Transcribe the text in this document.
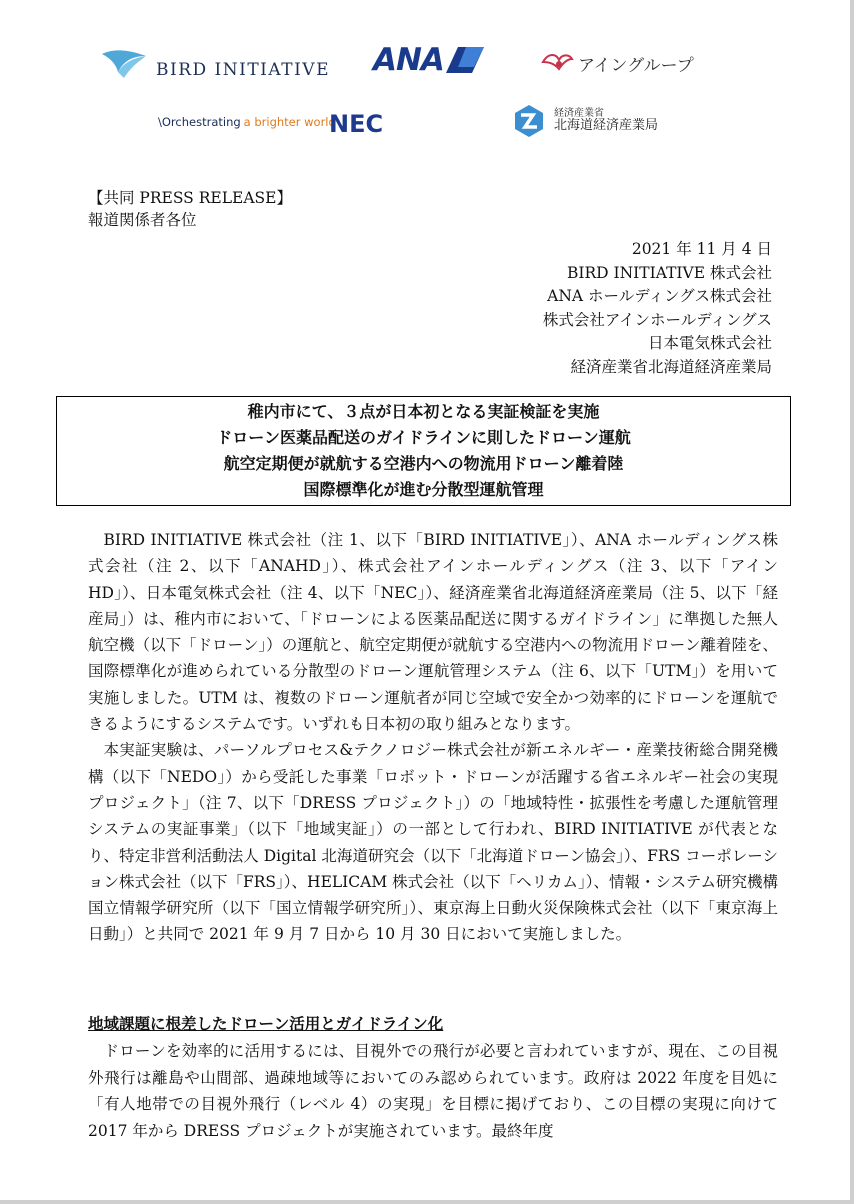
BIRD INITIATIVE ANA	アイングループ
\Orchestrating a brighter world
NEC	経済産業省
北海道経済産業局
【共同 PRESS RELEASE】
報道関係者各位
2021 年 11 月 4 日
BIRD INITIATIVE 株式会社
ANA ホールディングス株式会社
株式会社アインホールディングス
日本電気株式会社
経済産業省北海道経済産業局
稚内市にて、３点が日本初となる実証検証を実施
ドローン医薬品配送のガイドラインに則したドローン運航
航空定期便が就航する空港内への物流用ドローン離着陸
国際標準化が進む分散型運航管理

BIRD INITIATIVE 株式会社（注 1、以下「BIRD INITIATIVE」）、ANA ホールディングス株式会社（注 2、以下「ANAHD」）、株式会社アインホールディングス（注 3、以下「アイン HD」）、日本電気株式会社（注 4、以下「NEC」）、経済産業省北海道経済産業局（注 5、以下「経産局」）は、稚内市において、「ドローンによる医薬品配送に関するガイドライン」に準拠した無人航空機（以下「ドローン」）の運航と、航空定期便が就航する空港内への物流用ドローン離着陸を、国際標準化が進められている分散型のドローン運航管理システム（注 6、以下「UTM」）を用いて実施しました。UTM は、複数のドローン運航者が同じ空域で安全かつ効率的にドローンを運航できるようにするシステムです。いずれも日本初の取り組みとなります。

本実証実験は、パーソルプロセス&テクノロジー株式会社が新エネルギー・産業技術総合開発機構（以下「NEDO」）から受託した事業「ロボット・ドローンが活躍する省エネルギー社会の実現プロジェクト」（注 7、以下「DRESS プロジェクト」）の「地域特性・拡張性を考慮した運航管理システムの実証事業」（以下「地域実証」）の一部として行われ、BIRD INITIATIVE が代表となり、特定非営利活動法人 Digital 北海道研究会（以下「北海道ドローン協会」）、FRS コーポレーション株式会社（以下「FRS」）、HELICAM 株式会社（以下「ヘリカム」）、情報・システム研究機構 国立情報学研究所（以下「国立情報学研究所」）、東京海上日動火災保険株式会社（以下「東京海上日動」）と共同で 2021 年 9 月 7 日から 10 月 30 日において実施しました。

地域課題に根差したドローン活用とガイドライン化

ドローンを効率的に活用するには、目視外での飛行が必要と言われていますが、現在、この目視外飛行は離島や山間部、過疎地域等においてのみ認められています。政府は 2022 年度を目処に「有人地帯での目視外飛行（レベル 4）の実現」を目標に掲げており、この目標の実現に向けて 2017 年から DRESS プロジェクトが実施されています。最終年度
